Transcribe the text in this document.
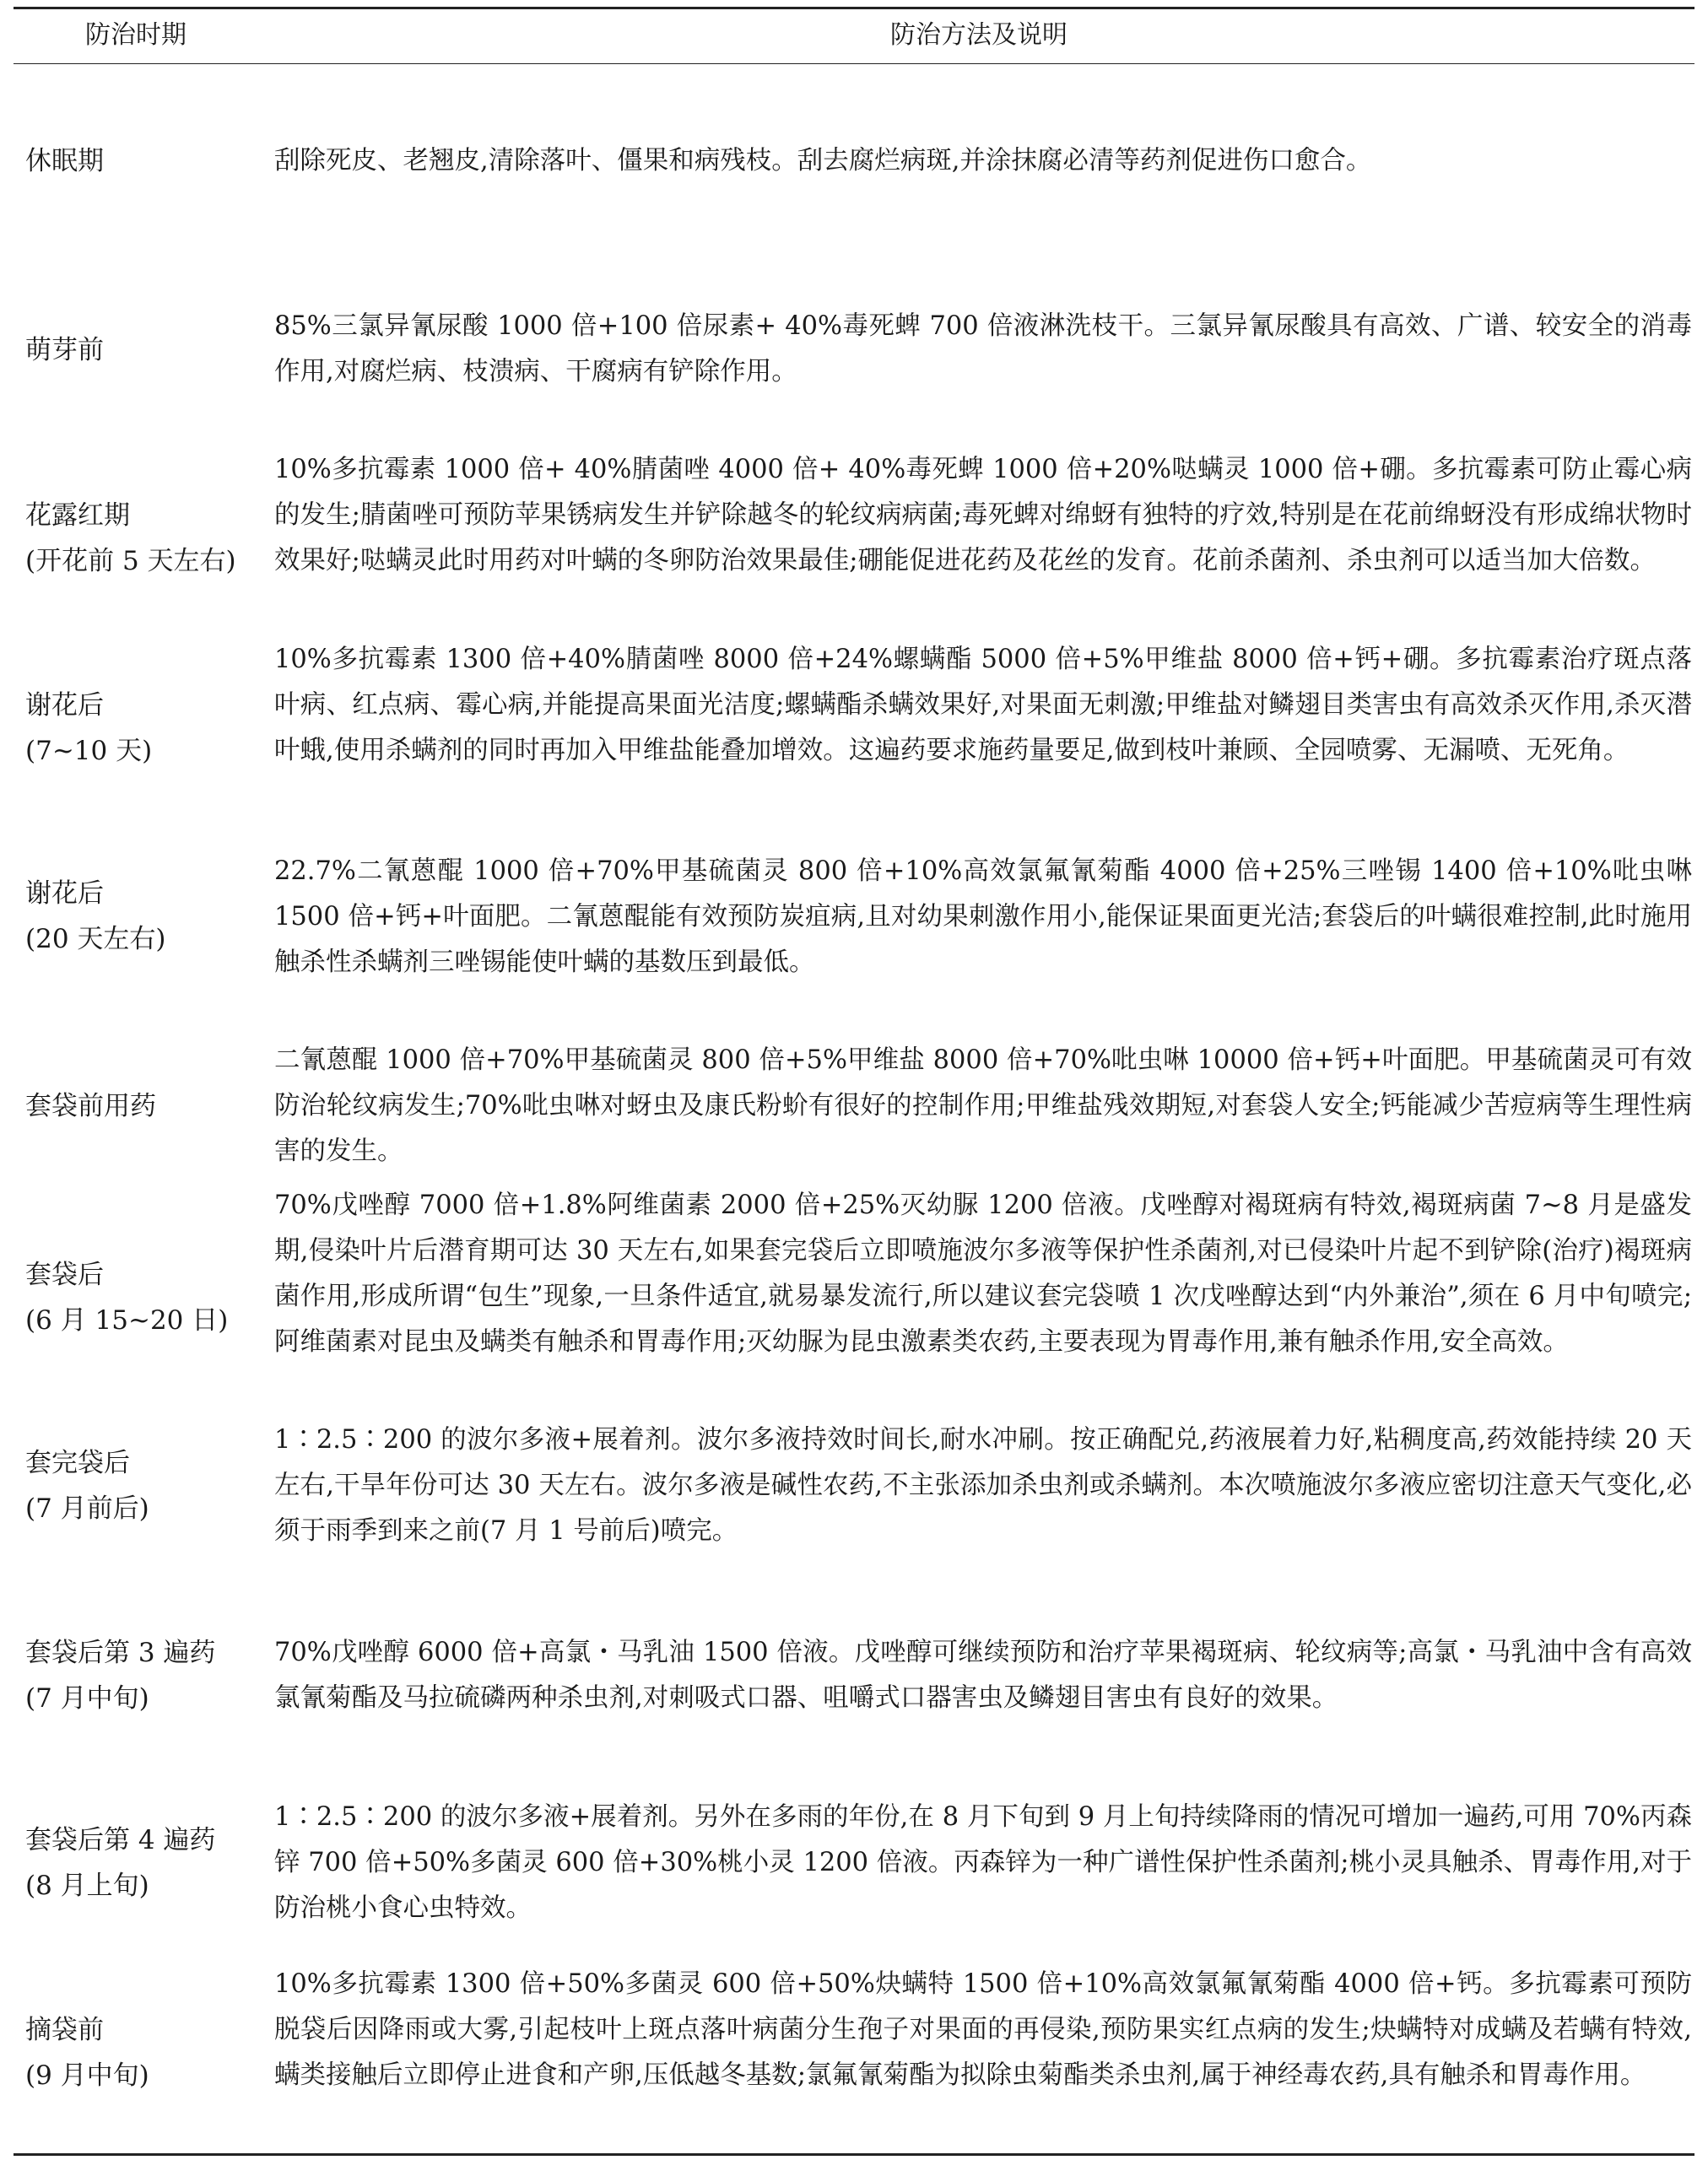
防治时期	防治方法及说明
休眠期	刮除死皮、老翘皮,清除落叶、僵果和病残枝。刮去腐烂病斑,并涂抹腐必清等药剂促进伤口愈合。
萌芽前
85%三氯异氰尿酸 1000 倍+100 倍尿素+ 40%毒死蜱 700 倍液淋洗枝干。三氯异氰尿酸具有高效、广谱、较安全的消毒作用,对腐烂病、枝溃病、干腐病有铲除作用。
花露红期
(开花前 5 天左右)
10%多抗霉素 1000 倍+ 40%腈菌唑 4000 倍+ 40%毒死蜱 1000 倍+20%哒螨灵 1000 倍+硼。多抗霉素可防止霉心病的发生;腈菌唑可预防苹果锈病发生并铲除越冬的轮纹病病菌;毒死蜱对绵蚜有独特的疗效,特别是在花前绵蚜没有形成绵状物时效果好;哒螨灵此时用药对叶螨的冬卵防治效果最佳;硼能促进花药及花丝的发育。花前杀菌剂、杀虫剂可以适当加大倍数。
谢花后
(7~10 天)
10%多抗霉素 1300 倍+40%腈菌唑 8000 倍+24%螺螨酯 5000 倍+5%甲维盐 8000 倍+钙+硼。多抗霉素治疗斑点落叶病、红点病、霉心病,并能提高果面光洁度;螺螨酯杀螨效果好,对果面无刺激;甲维盐对鳞翅目类害虫有高效杀灭作用,杀灭潜叶蛾,使用杀螨剂的同时再加入甲维盐能叠加增效。这遍药要求施药量要足,做到枝叶兼顾、全园喷雾、无漏喷、无死角。
谢花后
(20 天左右)
22.7%二氰蒽醌 1000 倍+70%甲基硫菌灵 800 倍+10%高效氯氟氰菊酯 4000 倍+25%三唑锡 1400 倍+10%吡虫啉 1500 倍+钙+叶面肥。二氰蒽醌能有效预防炭疽病,且对幼果刺激作用小,能保证果面更光洁;套袋后的叶螨很难控制,此时施用触杀性杀螨剂三唑锡能使叶螨的基数压到最低。
套袋前用药
二氰蒽醌 1000 倍+70%甲基硫菌灵 800 倍+5%甲维盐 8000 倍+70%吡虫啉 10000 倍+钙+叶面肥。甲基硫菌灵可有效防治轮纹病发生;70%吡虫啉对蚜虫及康氏粉蚧有很好的控制作用;甲维盐残效期短,对套袋人安全;钙能减少苦痘病等生理性病害的发生。
套袋后
(6 月 15~20 日)
70%戊唑醇 7000 倍+1.8%阿维菌素 2000 倍+25%灭幼脲 1200 倍液。戊唑醇对褐斑病有特效,褐斑病菌 7~8 月是盛发期,侵染叶片后潜育期可达 30 天左右,如果套完袋后立即喷施波尔多液等保护性杀菌剂,对已侵染叶片起不到铲除(治疗)褐斑病菌作用,形成所谓“包生”现象,一旦条件适宜,就易暴发流行,所以建议套完袋喷 1 次戊唑醇达到“内外兼治”,须在 6 月中旬喷完;阿维菌素对昆虫及螨类有触杀和胃毒作用;灭幼脲为昆虫激素类农药,主要表现为胃毒作用,兼有触杀作用,安全高效。
套完袋后
(7 月前后)
1∶2.5∶200 的波尔多液+展着剂。波尔多液持效时间长,耐水冲刷。按正确配兑,药液展着力好,粘稠度高,药效能持续 20 天左右,干旱年份可达 30 天左右。波尔多液是碱性农药,不主张添加杀虫剂或杀螨剂。本次喷施波尔多液应密切注意天气变化,必须于雨季到来之前(7 月 1 号前后)喷完。
套袋后第 3 遍药
(7 月中旬)
70%戊唑醇 6000 倍+高氯・马乳油 1500 倍液。戊唑醇可继续预防和治疗苹果褐斑病、轮纹病等;高氯・马乳油中含有高效氯氰菊酯及马拉硫磷两种杀虫剂,对刺吸式口器、咀嚼式口器害虫及鳞翅目害虫有良好的效果。
套袋后第 4 遍药
(8 月上旬)
1∶2.5∶200 的波尔多液+展着剂。另外在多雨的年份,在 8 月下旬到 9 月上旬持续降雨的情况可增加一遍药,可用 70%丙森锌 700 倍+50%多菌灵 600 倍+30%桃小灵 1200 倍液。丙森锌为一种广谱性保护性杀菌剂;桃小灵具触杀、胃毒作用,对于防治桃小食心虫特效。
摘袋前
(9 月中旬)
10%多抗霉素 1300 倍+50%多菌灵 600 倍+50%炔螨特 1500 倍+10%高效氯氟氰菊酯 4000 倍+钙。多抗霉素可预防脱袋后因降雨或大雾,引起枝叶上斑点落叶病菌分生孢子对果面的再侵染,预防果实红点病的发生;炔螨特对成螨及若螨有特效,螨类接触后立即停止进食和产卵,压低越冬基数;氯氟氰菊酯为拟除虫菊酯类杀虫剂,属于神经毒农药,具有触杀和胃毒作用。
